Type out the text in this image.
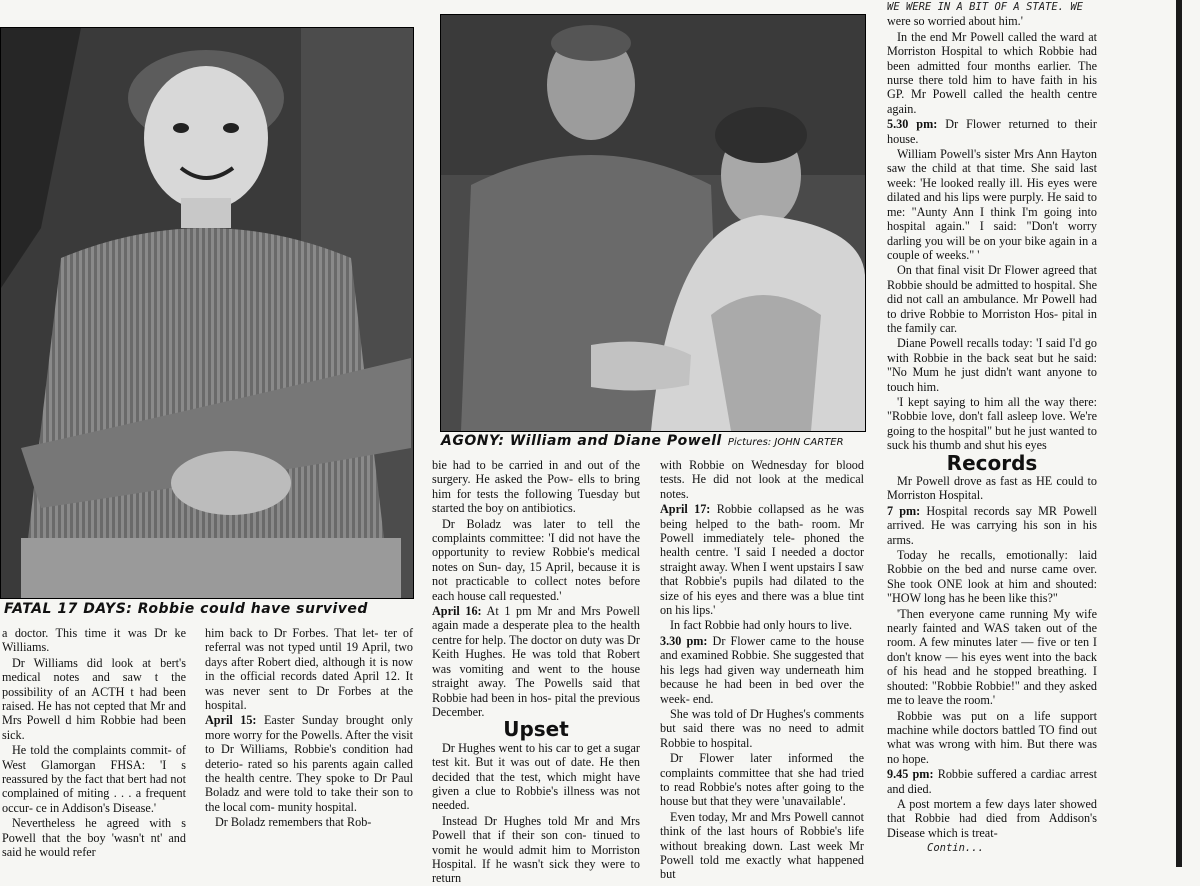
FATAL 17 DAYS: Robbie could have survived
AGONY: William and Diane Powell Pictures: JOHN CARTER

a doctor. This time it was Dr ke Williams.

Dr Williams did look at bert's medical notes and saw t the possibility of an ACTH t had been raised. He has not cepted that Mr and Mrs Powell d him Robbie had been sick.

He told the complaints commit- of West Glamorgan FHSA: 'I s reassured by the fact that bert had not complained of miting . . . a frequent occur- ce in Addison's Disease.'

Nevertheless he agreed with s Powell that the boy 'wasn't nt' and said he would refer

him back to Dr Forbes. That let- ter of referral was not typed until 19 April, two days after Robert died, although it is now in the official records dated April 12. It was never sent to Dr Forbes at the hospital.

April 15: Easter Sunday brought only more worry for the Powells. After the visit to Dr Williams, Robbie's condition had deterio- rated so his parents again called the health centre. They spoke to Dr Paul Boladz and were told to take their son to the local com- munity hospital.

Dr Boladz remembers that Rob-

bie had to be carried in and out of the surgery. He asked the Pow- ells to bring him for tests the following Tuesday but started the boy on antibiotics.

Dr Boladz was later to tell the complaints committee: 'I did not have the opportunity to review Robbie's medical notes on Sun- day, 15 April, because it is not practicable to collect notes before each house call requested.'

April 16: At 1 pm Mr and Mrs Powell again made a desperate plea to the health centre for help. The doctor on duty was Dr Keith Hughes. He was told that Robert was vomiting and went to the house straight away. The Powells said that Robbie had been in hos- pital the previous December.

Upset

Dr Hughes went to his car to get a sugar test kit. But it was out of date. He then decided that the test, which might have given a clue to Robbie's illness was not needed.

Instead Dr Hughes told Mr and Mrs Powell that if their son con- tinued to vomit he would admit him to Morriston Hospital. If he wasn't sick they were to return

with Robbie on Wednesday for blood tests. He did not look at the medical notes.

April 17: Robbie collapsed as he was being helped to the bath- room. Mr Powell immediately tele- phoned the health centre. 'I said I needed a doctor straight away. When I went upstairs I saw that Robbie's pupils had dilated to the size of his eyes and there was a blue tint on his lips.'

In fact Robbie had only hours to live.

3.30 pm: Dr Flower came to the house and examined Robbie. She suggested that his legs had given way underneath him because he had been in bed over the week- end.

She was told of Dr Hughes's comments but said there was no need to admit Robbie to hospital.

Dr Flower later informed the complaints committee that she had tried to read Robbie's notes after going to the house but that they were 'unavailable'.

Even today, Mr and Mrs Powell cannot think of the last hours of Robbie's life without breaking down. Last week Mr Powell told me exactly what happened but

WE WERE IN A BIT OF A STATE. WE

were so worried about him.'

In the end Mr Powell called the ward at Morriston Hospital to which Robbie had been admitted four months earlier. The nurse there told him to have faith in his GP. Mr Powell called the health centre again.

5.30 pm: Dr Flower returned to their house.

William Powell's sister Mrs Ann Hayton saw the child at that time. She said last week: 'He looked really ill. His eyes were dilated and his lips were purply. He said to me: "Aunty Ann I think I'm going into hospital again." I said: "Don't worry darling you will be on your bike again in a couple of weeks." '

On that final visit Dr Flower agreed that Robbie should be admitted to hospital. She did not call an ambulance. Mr Powell had to drive Robbie to Morriston Hos- pital in the family car.

Diane Powell recalls today: 'I said I'd go with Robbie in the back seat but he said: "No Mum he just didn't want anyone to touch him.

'I kept saying to him all the way there: "Robbie love, don't fall asleep love. We're going to the hospital" but he just wanted to suck his thumb and shut his eyes

Records

Mr Powell drove as fast as HE could to Morriston Hospital.

7 pm: Hospital records say MR Powell arrived. He was carrying his son in his arms.

Today he recalls, emotionally: laid Robbie on the bed and nurse came over. She took ONE look at him and shouted: "HOW long has he been like this?"

'Then everyone came running My wife nearly fainted and WAS taken out of the room. A few minutes later — five or ten I don't know — his eyes went into the back of his head and he stopped breathing. I shouted: "Robbie Robbie!" and they asked me to leave the room.'

Robbie was put on a life support machine while doctors battled TO find out what was wrong with him. But there was no hope.

9.45 pm: Robbie suffered a cardiac arrest and died.

A post mortem a few days later showed that Robbie had died from Addison's Disease which is treat-

Contin...
